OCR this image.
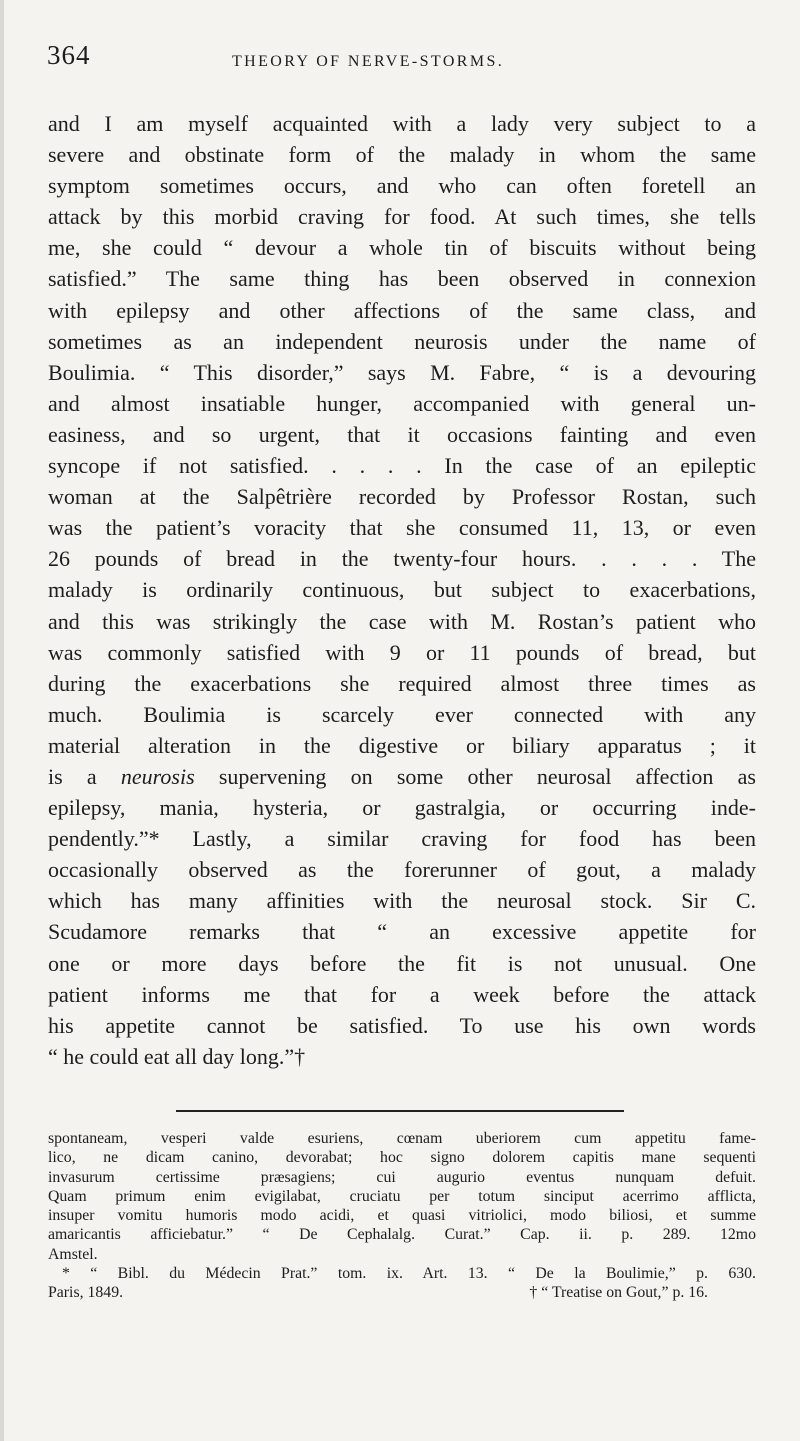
364	THEORY OF NERVE-STORMS.
and I am myself acquainted with a lady very subject to a
severe and obstinate form of the malady in whom the same
symptom sometimes occurs, and who can often foretell an
attack by this morbid craving for food. At such times, she tells
me, she could “ devour a whole tin of biscuits without being
satisfied.” The same thing has been observed in connexion
with epilepsy and other affections of the same class, and
sometimes as an independent neurosis under the name of
Boulimia. “ This disorder,” says M. Fabre, “ is a devouring
and almost insatiable hunger, accompanied with general un-
easiness, and so urgent, that it occasions fainting and even
syncope if not satisfied. . . . . In the case of an epileptic
woman at the Salpêtrière recorded by Professor Rostan, such
was the patient’s voracity that she consumed 11, 13, or even
26 pounds of bread in the twenty-four hours. . . . . The
malady is ordinarily continuous, but subject to exacerbations,
and this was strikingly the case with M. Rostan’s patient who
was commonly satisfied with 9 or 11 pounds of bread, but
during the exacerbations she required almost three times as
much. Boulimia is scarcely ever connected with any
material alteration in the digestive or biliary apparatus ; it
is a neurosis supervening on some other neurosal affection as
epilepsy, mania, hysteria, or gastralgia, or occurring inde-
pendently.”* Lastly, a similar craving for food has been
occasionally observed as the forerunner of gout, a malady
which has many affinities with the neurosal stock. Sir C.
Scudamore remarks that “ an excessive appetite for
one or more days before the fit is not unusual. One
patient informs me that for a week before the attack
his appetite cannot be satisfied. To use his own words
“ he could eat all day long.”†
spontaneam, vesperi valde esuriens, cœnam uberiorem cum appetitu fame-
lico, ne dicam canino, devorabat; hoc signo dolorem capitis mane sequenti
invasurum certissime præsagiens; cui augurio eventus nunquam defuit.
Quam primum enim evigilabat, cruciatu per totum sinciput acerrimo afflicta,
insuper vomitu humoris modo acidi, et quasi vitriolici, modo biliosi, et summe
amaricantis afficiebatur.” “ De Cephalalg. Curat.” Cap. ii. p. 289. 12mo
Amstel.
* “ Bibl. du Médecin Prat.” tom. ix. Art. 13. “ De la Boulimie,” p. 630.
Paris, 1849.	† “ Treatise on Gout,” p. 16.
